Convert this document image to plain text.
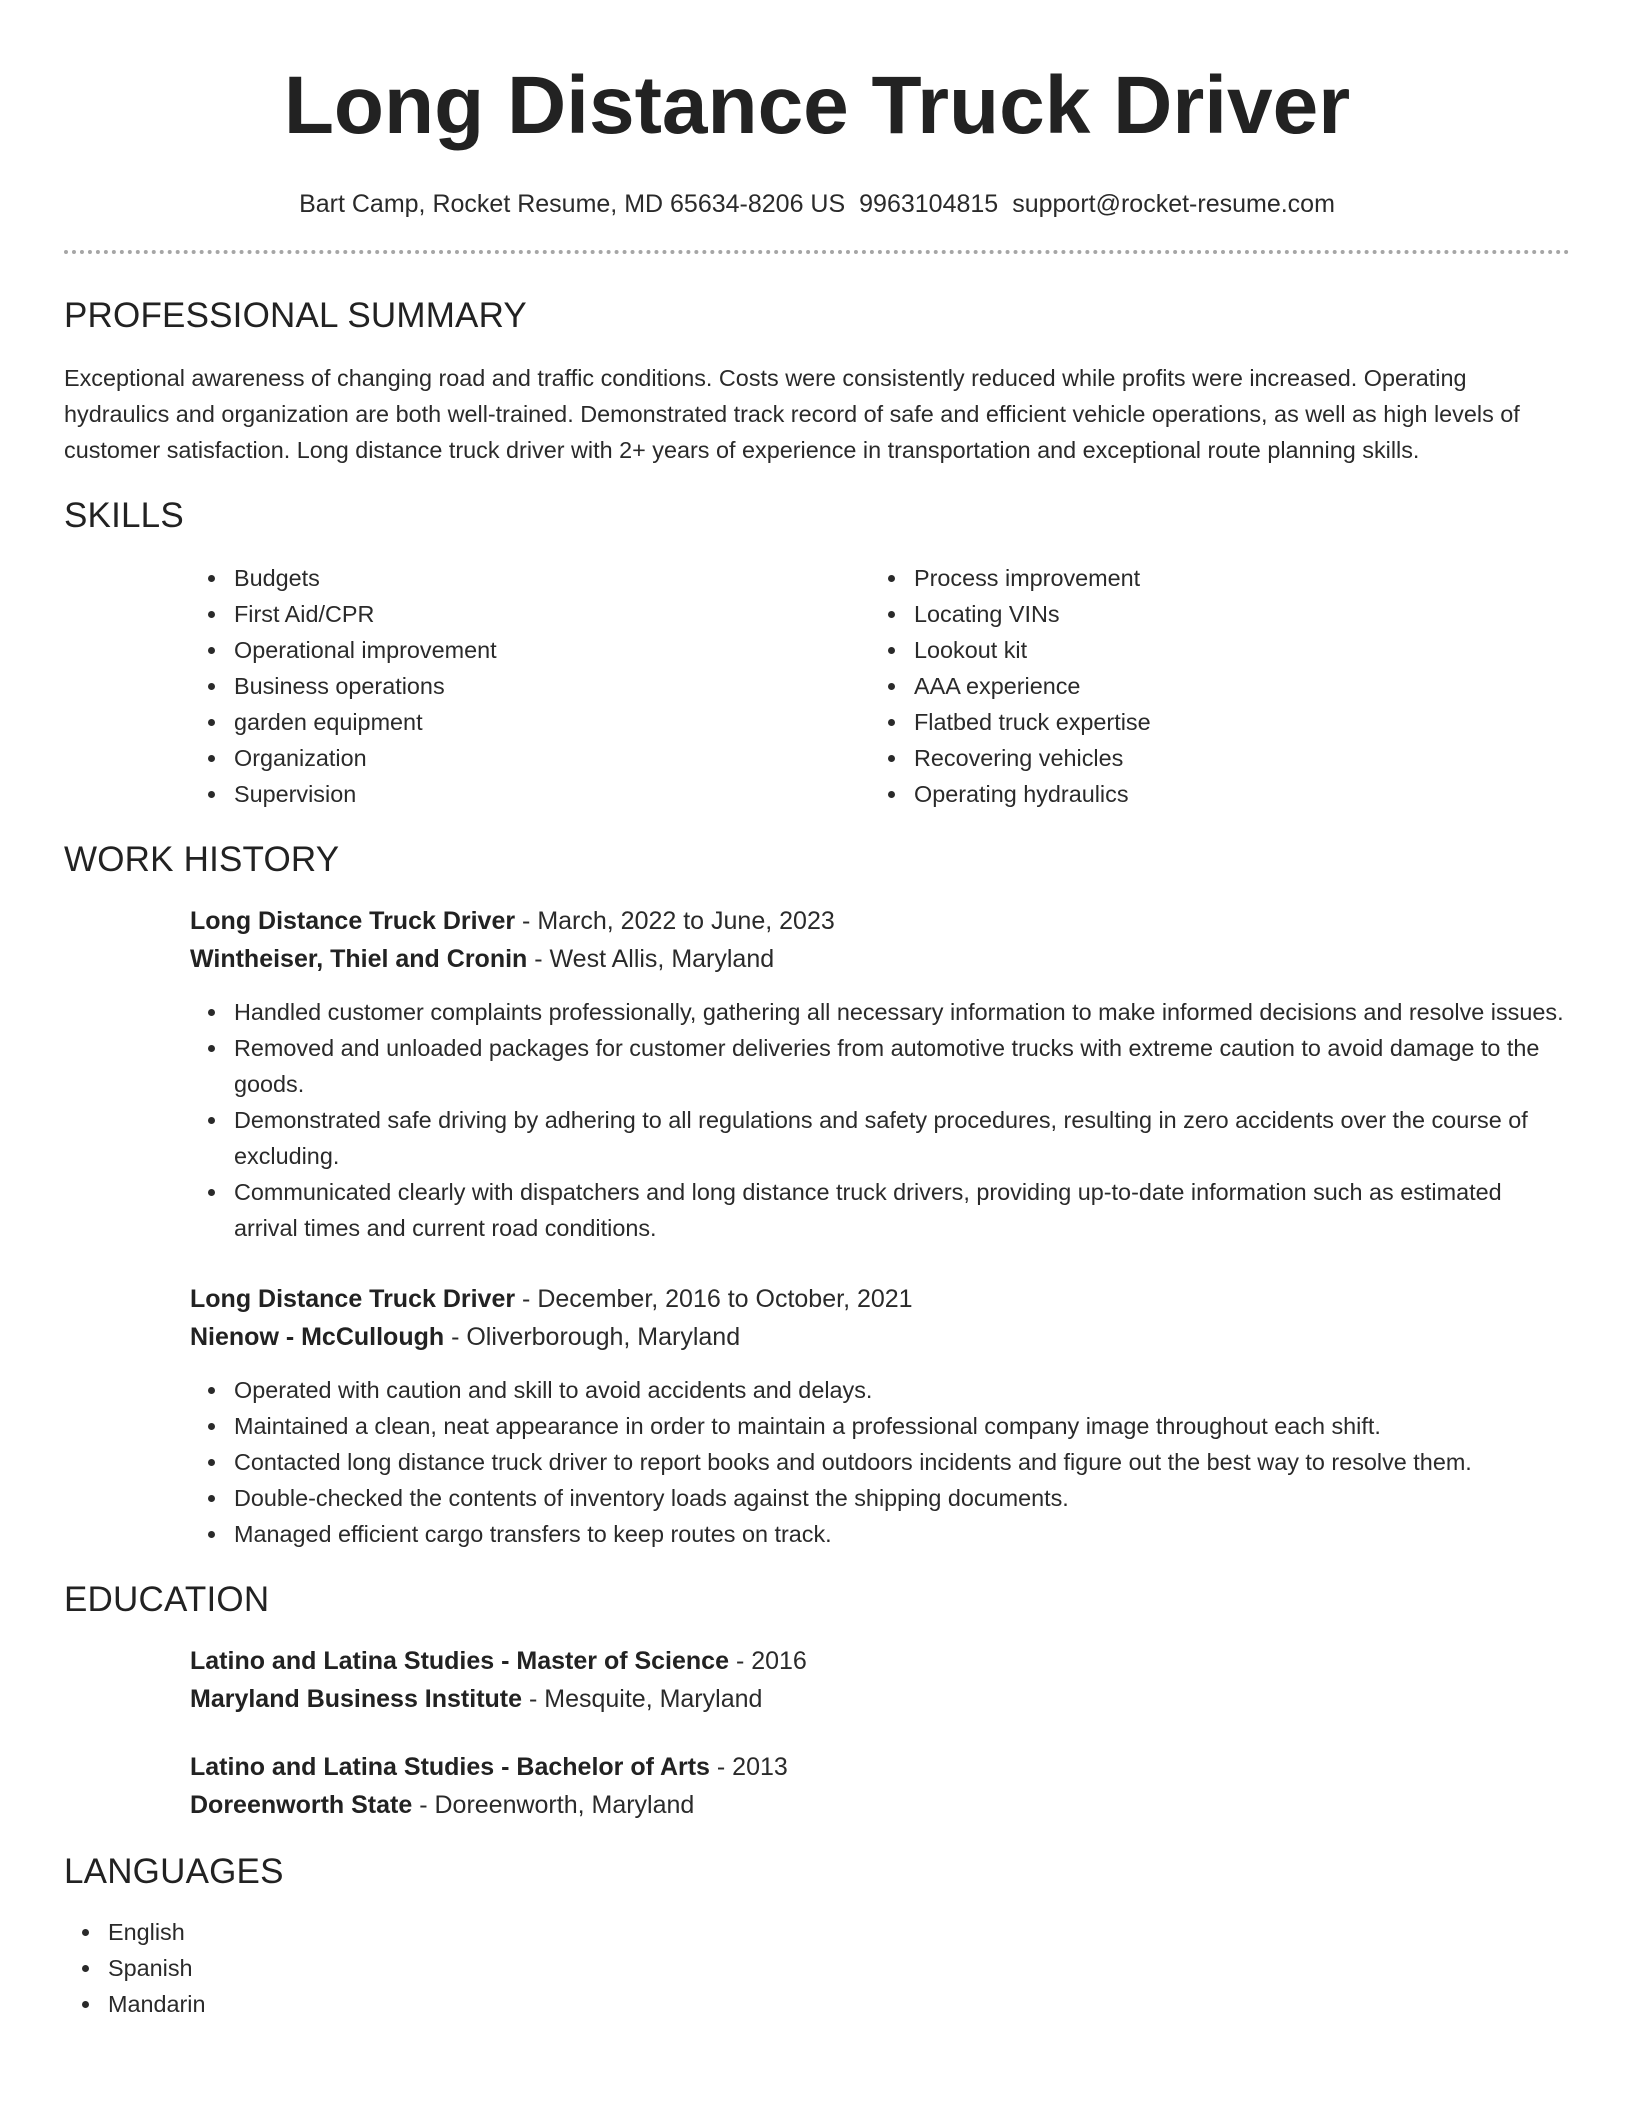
Long Distance Truck Driver
Bart Camp, Rocket Resume, MD 65634-8206 US 9963104815 support@rocket-resume.com
PROFESSIONAL SUMMARY

Exceptional awareness of changing road and traffic conditions. Costs were consistently reduced while profits were increased. Operating hydraulics and organization are both well-trained. Demonstrated track record of safe and efficient vehicle operations, as well as high levels of customer satisfaction. Long distance truck driver with 2+ years of experience in transportation and exceptional route planning skills.

SKILLS
Budgets
First Aid/CPR
Operational improvement
Business operations
garden equipment
Organization
Supervision
Process improvement
Locating VINs
Lookout kit
AAA experience
Flatbed truck expertise
Recovering vehicles
Operating hydraulics
WORK HISTORY
Long Distance Truck Driver - March, 2022 to June, 2023
Wintheiser, Thiel and Cronin - West Allis, Maryland
Handled customer complaints professionally, gathering all necessary information to make informed decisions and resolve issues.
Removed and unloaded packages for customer deliveries from automotive trucks with extreme caution to avoid damage to the goods.
Demonstrated safe driving by adhering to all regulations and safety procedures, resulting in zero accidents over the course of excluding.
Communicated clearly with dispatchers and long distance truck drivers, providing up-to-date information such as estimated arrival times and current road conditions.
Long Distance Truck Driver - December, 2016 to October, 2021
Nienow - McCullough - Oliverborough, Maryland
Operated with caution and skill to avoid accidents and delays.
Maintained a clean, neat appearance in order to maintain a professional company image throughout each shift.
Contacted long distance truck driver to report books and outdoors incidents and figure out the best way to resolve them.
Double-checked the contents of inventory loads against the shipping documents.
Managed efficient cargo transfers to keep routes on track.
EDUCATION
Latino and Latina Studies - Master of Science - 2016
Maryland Business Institute - Mesquite, Maryland
Latino and Latina Studies - Bachelor of Arts - 2013
Doreenworth State - Doreenworth, Maryland
LANGUAGES
English
Spanish
Mandarin
